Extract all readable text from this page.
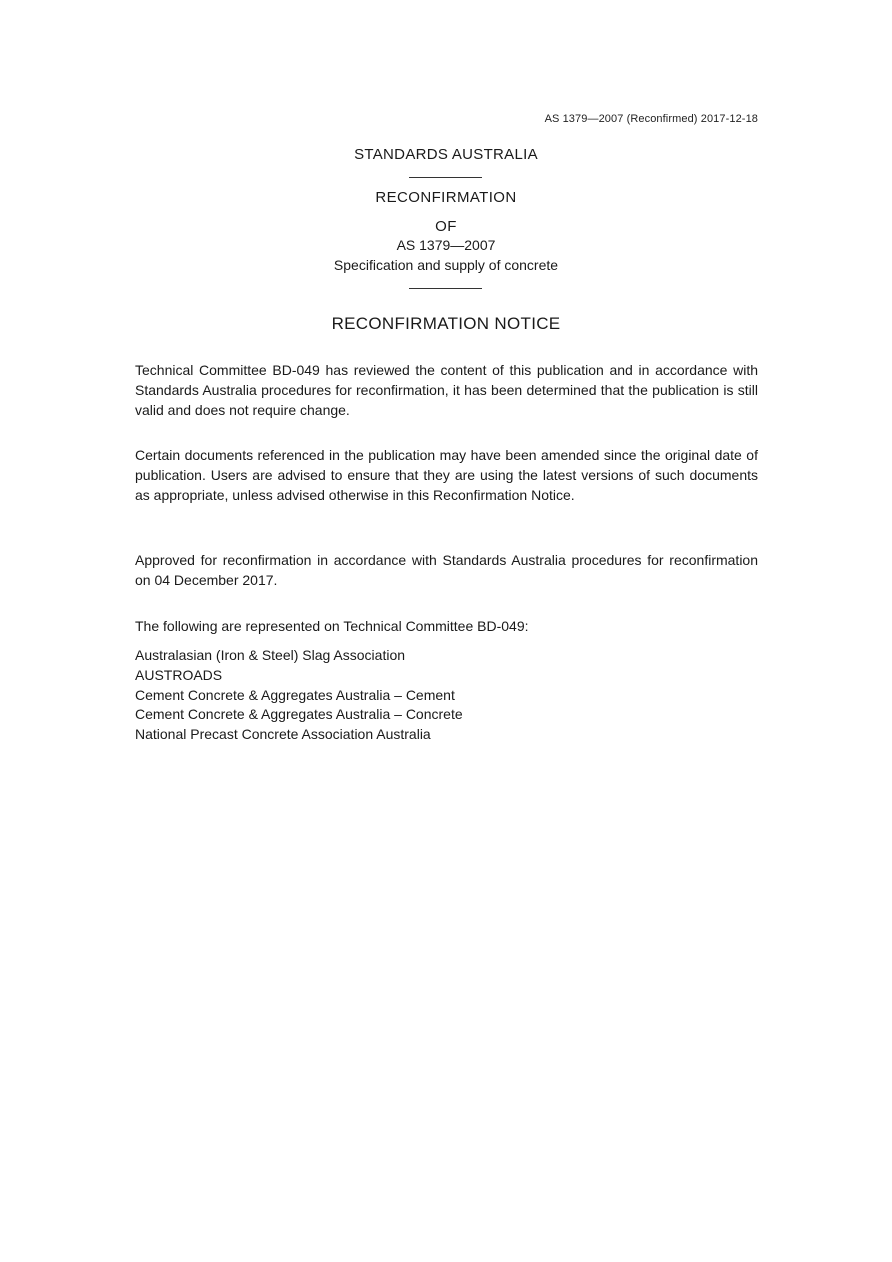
AS 1379—2007 (Reconfirmed) 2017-12-18
STANDARDS AUSTRALIA
RECONFIRMATION
OF
AS 1379—2007
Specification and supply of concrete
RECONFIRMATION NOTICE

Technical Committee BD-049 has reviewed the content of this publication and in accordance with Standards Australia procedures for reconfirmation, it has been determined that the publication is still valid and does not require change.

Certain documents referenced in the publication may have been amended since the original date of publication. Users are advised to ensure that they are using the latest versions of such documents as appropriate, unless advised otherwise in this Reconfirmation Notice.

Approved for reconfirmation in accordance with Standards Australia procedures for reconfirmation on 04 December 2017.

The following are represented on Technical Committee BD-049:

Australasian (Iron & Steel) Slag Association
AUSTROADS
Cement Concrete & Aggregates Australia – Cement
Cement Concrete & Aggregates Australia – Concrete
National Precast Concrete Association Australia
